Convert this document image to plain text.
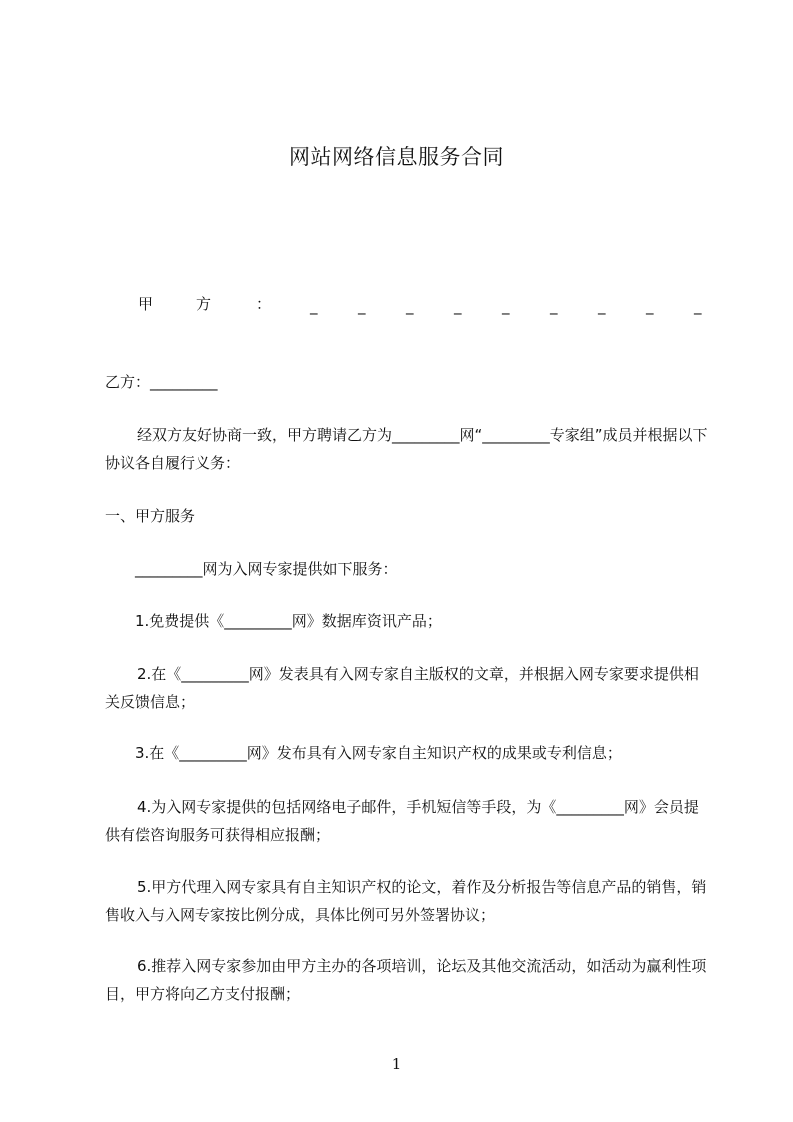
网站网络信息服务合同
甲	方	：	_	_	_	_	_	_	_	_	_

乙方：_________

经双方友好协商一致，甲方聘请乙方为_________网“_________专家组”成员并根据以下协议各自履行义务：

一、甲方服务

_________网为入网专家提供如下服务：

1.免费提供《_________网》数据库资讯产品；

2.在《_________网》发表具有入网专家自主版权的文章，并根据入网专家要求提供相关反馈信息；

3.在《_________网》发布具有入网专家自主知识产权的成果或专利信息；

4.为入网专家提供的包括网络电子邮件，手机短信等手段，为《_________网》会员提供有偿咨询服务可获得相应报酬；

5.甲方代理入网专家具有自主知识产权的论文，着作及分析报告等信息产品的销售，销售收入与入网专家按比例分成，具体比例可另外签署协议；

6.推荐入网专家参加由甲方主办的各项培训，论坛及其他交流活动，如活动为赢利性项目，甲方将向乙方支付报酬；

1
